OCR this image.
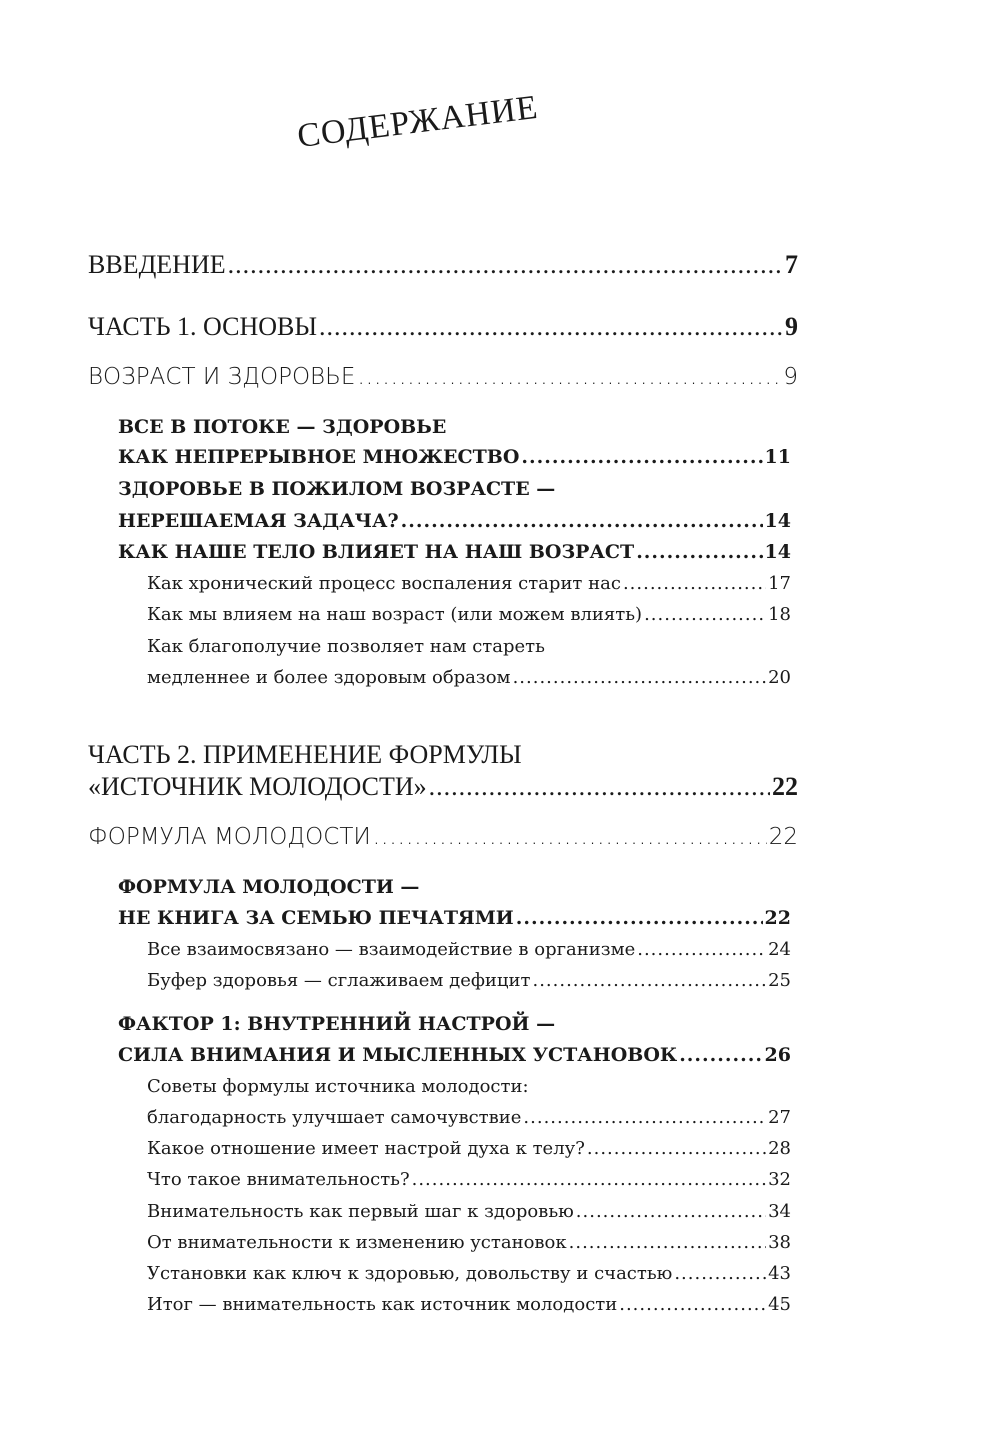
СОДЕРЖАНИЕ
ВВЕДЕНИЕ .....	7
ЧАСТЬ 1. ОСНОВЫ .....	9
ВОЗРАСТ И ЗДОРОВЬЕ .....	9
ВСЕ В ПОТОКЕ — ЗДОРОВЬЕ
КАК НЕПРЕРЫВНОЕ МНОЖЕСТВО .....	11
ЗДОРОВЬЕ В ПОЖИЛОМ ВОЗРАСТЕ —
НЕРЕШАЕМАЯ ЗАДАЧА? .....	14
КАК НАШЕ ТЕЛО ВЛИЯЕТ НА НАШ ВОЗРАСТ .....	14
Как хронический процесс воспаления старит нас .....	17
Как мы влияем на наш возраст (или можем влиять) .....	18
Как благополучие позволяет нам стареть
медленнее и более здоровым образом .....	20
ЧАСТЬ 2. ПРИМЕНЕНИЕ ФОРМУЛЫ
«ИСТОЧНИК МОЛОДОСТИ» .....	22
ФОРМУЛА МОЛОДОСТИ .....	22
ФОРМУЛА МОЛОДОСТИ —
НЕ КНИГА ЗА СЕМЬЮ ПЕЧАТЯМИ .....	22
Все взаимосвязано — взаимодействие в организме .....	24
Буфер здоровья — сглаживаем дефицит .....	25
ФАКТОР 1: ВНУТРЕННИЙ НАСТРОЙ —
СИЛА ВНИМАНИЯ И МЫСЛЕННЫХ УСТАНОВОК .....	26
Советы формулы источника молодости:
благодарность улучшает самочувствие .....	27
Какое отношение имеет настрой духа к телу? .....	28
Что такое внимательность? .....	32
Внимательность как первый шаг к здоровью .....	34
От внимательности к изменению установок .....	38
Установки как ключ к здоровью, довольству и счастью .....	43
Итог — внимательность как источник молодости .....	45
